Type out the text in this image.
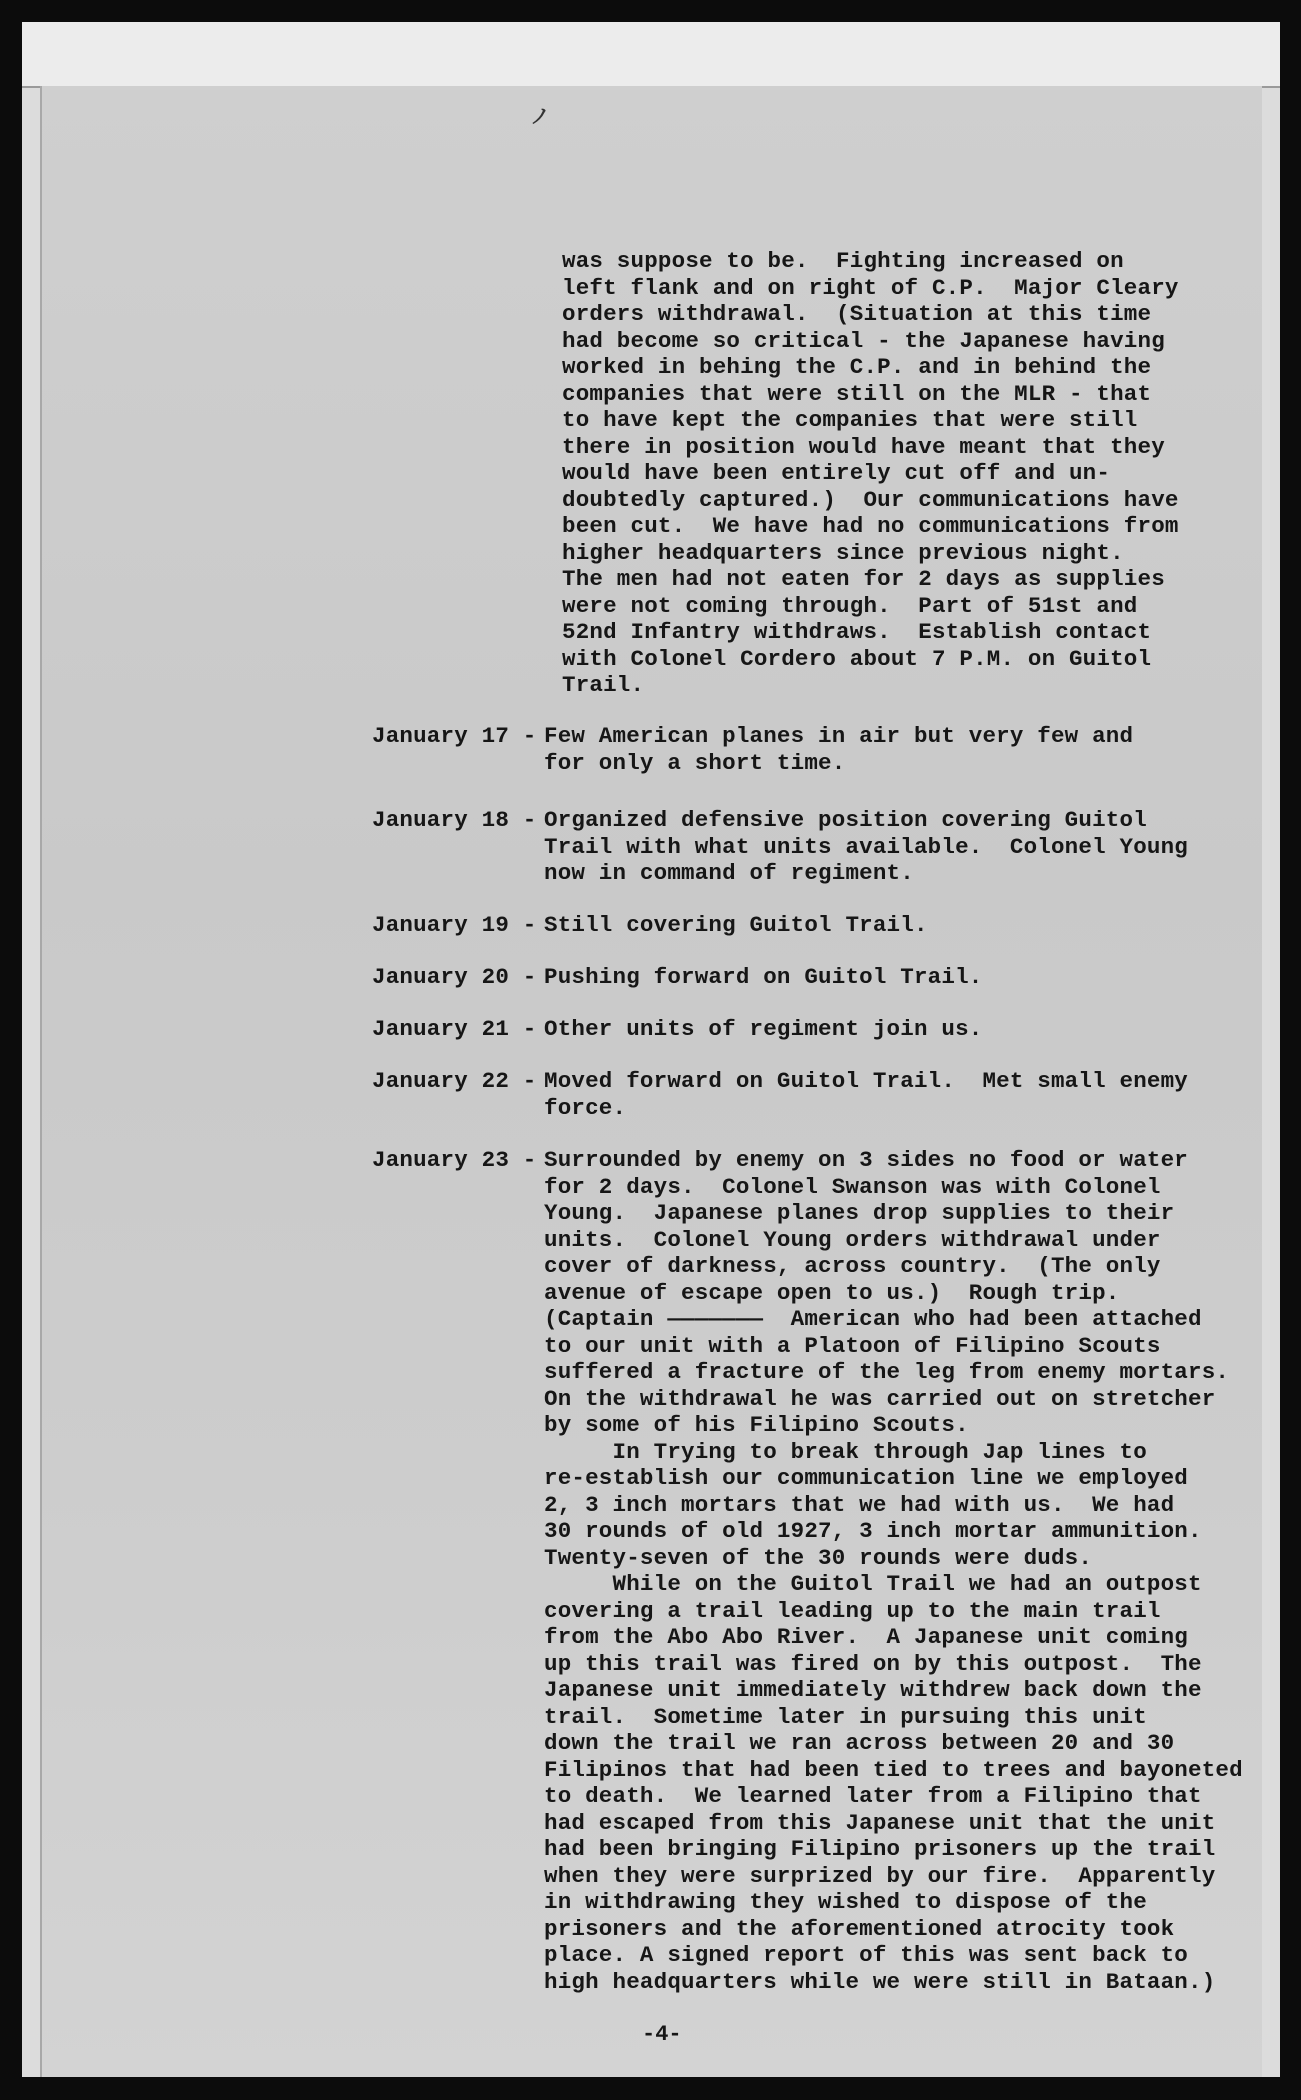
ノ
was suppose to be.  Fighting increased on
left flank and on right of C.P.  Major Cleary
orders withdrawal.  (Situation at this time
had become so critical - the Japanese having
worked in behing the C.P. and in behind the
companies that were still on the MLR - that
to have kept the companies that were still
there in position would have meant that they
would have been entirely cut off and un-
doubtedly captured.)  Our communications have
been cut.  We have had no communications from
higher headquarters since previous night.
The men had not eaten for 2 days as supplies
were not coming through.  Part of 51st and
52nd Infantry withdraws.  Establish contact
with Colonel Cordero about 7 P.M. on Guitol
Trail.
-4-
January 17 - Few American planes in air but very few and
for only a short time.
January 18 - Organized defensive position covering Guitol
Trail with what units available.  Colonel Young
now in command of regiment.
January 19 - Still covering Guitol Trail.
January 20 - Pushing forward on Guitol Trail.
January 21 - Other units of regiment join us.
January 22 - Moved forward on Guitol Trail.  Met small enemy
force.
January 23 - Surrounded by enemy on 3 sides no food or water
for 2 days.  Colonel Swanson was with Colonel
Young.  Japanese planes drop supplies to their
units.  Colonel Young orders withdrawal under
cover of darkness, across country.  (The only
avenue of escape open to us.)  Rough trip.
(Captain ———————  American who had been attached
to our unit with a Platoon of Filipino Scouts
suffered a fracture of the leg from enemy mortars.
On the withdrawal he was carried out on stretcher
by some of his Filipino Scouts.
In Trying to break through Jap lines to
re-establish our communication line we employed
2, 3 inch mortars that we had with us.  We had
30 rounds of old 1927, 3 inch mortar ammunition.
Twenty-seven of the 30 rounds were duds.
While on the Guitol Trail we had an outpost
covering a trail leading up to the main trail
from the Abo Abo River.  A Japanese unit coming
up this trail was fired on by this outpost.  The
Japanese unit immediately withdrew back down the
trail.  Sometime later in pursuing this unit
down the trail we ran across between 20 and 30
Filipinos that had been tied to trees and bayoneted
to death.  We learned later from a Filipino that
had escaped from this Japanese unit that the unit
had been bringing Filipino prisoners up the trail
when they were surprized by our fire.  Apparently
in withdrawing they wished to dispose of the
prisoners and the aforementioned atrocity took
place. A signed report of this was sent back to
high headquarters while we were still in Bataan.)
